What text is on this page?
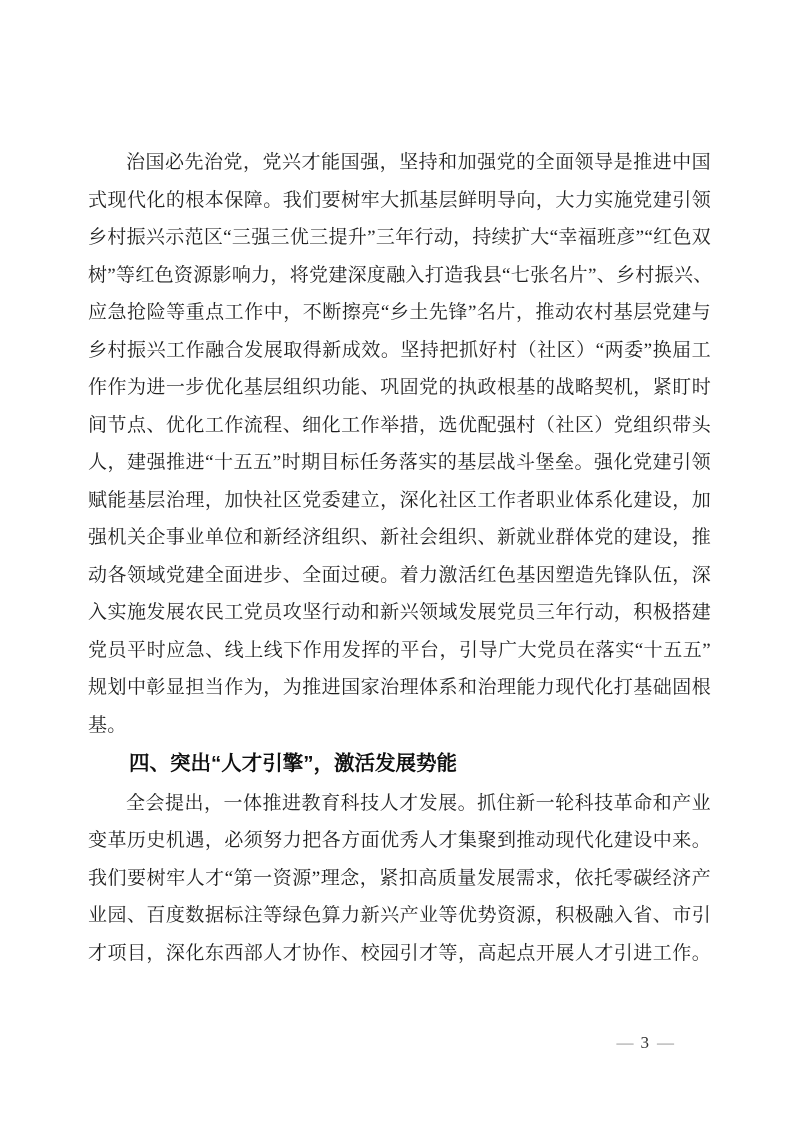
治国必先治党，党兴才能国强，坚持和加强党的全面领导是推进中国
式现代化的根本保障。我们要树牢大抓基层鲜明导向，大力实施党建引领
乡村振兴示范区“三强三优三提升”三年行动，持续扩大“幸福班彦”“红色双
树”等红色资源影响力，将党建深度融入打造我县“七张名片”、乡村振兴、
应急抢险等重点工作中，不断擦亮“乡土先锋”名片，推动农村基层党建与
乡村振兴工作融合发展取得新成效。坚持把抓好村（社区）“两委”换届工
作作为进一步优化基层组织功能、巩固党的执政根基的战略契机，紧盯时
间节点、优化工作流程、细化工作举措，选优配强村（社区）党组织带头
人，建强推进“十五五”时期目标任务落实的基层战斗堡垒。强化党建引领
赋能基层治理，加快社区党委建立，深化社区工作者职业体系化建设，加
强机关企事业单位和新经济组织、新社会组织、新就业群体党的建设，推
动各领域党建全面进步、全面过硬。着力激活红色基因塑造先锋队伍，深
入实施发展农民工党员攻坚行动和新兴领域发展党员三年行动，积极搭建
党员平时应急、线上线下作用发挥的平台，引导广大党员在落实“十五五”
规划中彰显担当作为，为推进国家治理体系和治理能力现代化打基础固根
基。
四、突出“人才引擎”，激活发展势能
全会提出，一体推进教育科技人才发展。抓住新一轮科技革命和产业
变革历史机遇，必须努力把各方面优秀人才集聚到推动现代化建设中来。
我们要树牢人才“第一资源”理念，紧扣高质量发展需求，依托零碳经济产
业园、百度数据标注等绿色算力新兴产业等优势资源，积极融入省、市引
才项目，深化东西部人才协作、校园引才等，高起点开展人才引进工作。
— 3 —
